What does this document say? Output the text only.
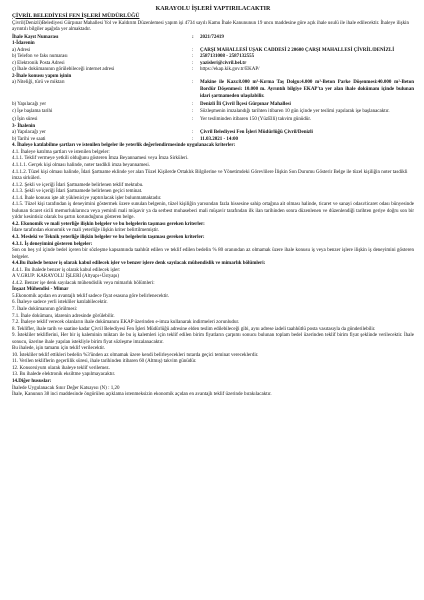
KARAYOLU İŞLERİ YAPTIRILACAKTIR

ÇİVRİL BELEDİYESİ FEN İŞLERİ MÜDÜRLÜĞÜ

Çivril(Denizli)Belediyesi Gürpınar Mahallesi Yol ve Kaldırım Düzenlemesi yapım işi 4734 sayılı Kamu İhale Kanununun 19 uncu maddesine göre açık ihale usulü ile ihale edilecektir. İhaleye ilişkin ayrıntılı bilgiler aşağıda yer almaktadır.

İhale Kayıt Numarası	:	2021/72419

1-İdarenin

a) Adresi	:	ÇARŞI MAHALLESİ UŞAK CADDESİ 2 20600 ÇARŞI MAHALLESİ ÇİVRİL/DENİZLİ
b) Telefon ve faks numarası	:	2587131008 - 2587132555
c) Elektronik Posta Adresi	:	yazisleri@civril.bel.tr
ç) İhale dokümanının görülebileceği internet adresi	:	https://ekap.kik.gov.tr/EKAP/

2-İhale konusu yapım işinin

a) Niteliği, türü ve miktarı	:	Makine ile Kazı:8.000 m³-Kırma Taş Dolgu:4.000 m³-Beton Parke Döşenmesi:40.000 m²-Beton Bordür Döşenmesi: 10.000 m. Ayrıntılı bilgiye EKAP'ta yer alan ihale dokümanı içinde bulunan idari şartnameden ulaşılabilir.
b) Yapılacağı yer	:	Denizli İli Çivril İlçesi Gürpınar Mahallesi
c) İşe başlama tarihi	:	Sözleşmenin imzalandığı tarihten itibaren 10 gün içinde yer teslimi yapılarak işe başlanacaktır.
ç) İşin süresi	:	Yer tesliminden itibaren 150 (YüzElli) takvim günüdür.

3- İhalenin

a) Yapılacağı yer	:	Çivril Belediyesi Fen İşleri Müdürlüğü Çivril/Denizli
b) Tarihi ve saati	:	11.03.2021 - 14:00

4. İhaleye katılabilme şartları ve istenilen belgeler ile yeterlik değerlendirmesinde uygulanacak kriterler:

4.1. İhaleye katılma şartları ve istenilen belgeler:

4.1.1. Teklif vermeye yetkili olduğunu gösteren İmza Beyannamesi veya İmza Sirküleri.

4.1.1.1. Gerçek kişi olması halinde, noter tasdikli imza beyannamesi.

4.1.1.2. Tüzel kişi olması halinde, İdari Şartname eklinde yer alan Tüzel Kişilerde Ortaklık Bilgilerine ve Yönetimdeki Görevlilere İlişkin Son Durumu Gösterir Belge ile tüzel kişiliğin noter tasdikli imza sirküleri.

4.1.2. Şekli ve içeriği İdari Şartnamede belirlenen teklif mektubu.

4.1.3. Şekli ve içeriği İdari Şartnamede belirlenen geçici teminat.

4.1.4. İhale konusu işte alt yükleniciye yaptırılacak işler bulunmamaktadır.

4.1.5. Tüzel kişi tarafından iş deneyimini göstermek üzere sunulan belgenin, tüzel kişiliğin yarısından fazla hissesine sahip ortağına ait olması halinde, ticaret ve sanayi odası/ticaret odası bünyesinde bulunan ticaret sicili memurluklarınca veya yeminli mali müşavir ya da serbest muhasebeci mali müşavir tarafından ilk ilan tarihinden sonra düzenlenen ve düzenlendiği tarihten geriye doğru son bir yıldır kesintisiz olarak bu şartın korunduğunu gösteren belge.

4.2. Ekonomik ve mali yeterliğe ilişkin belgeler ve bu belgelerin taşıması gereken kriterler:

İdare tarafından ekonomik ve mali yeterliğe ilişkin kriter belirtilmemiştir.

4.3. Mesleki ve Teknik yeterliğe ilişkin belgeler ve bu belgelerin taşıması gereken kriterler:

4.3.1. İş deneyimini gösteren belgeler:

Son on beş yıl içinde bedel içeren bir sözleşme kapsamında taahhüt edilen ve teklif edilen bedelin % 80 oranından az olmamak üzere ihale konusu iş veya benzer işlere ilişkin iş deneyimini gösteren belgeler.

4.4.Bu ihalede benzer iş olarak kabul edilecek işler ve benzer işlere denk sayılacak mühendislik ve mimarlık bölümleri:

4.4.1. Bu ihalede benzer iş olarak kabul edilecek işler:

A V.GRUP: KARAYOLU İŞLERİ (Altyapı+Üstyapı)

4.4.2. Benzer işe denk sayılacak mühendislik veya mimarlık bölümleri:

İnşaat Mühendisi - Mimar

5.Ekonomik açıdan en avantajlı teklif sadece fiyat esasına göre belirlenecektir.

6. İhaleye sadece yerli istekliler katılabilecektir.

7. İhale dokümanının görülmesi:

7.1. İhale dokümanı, idarenin adresinde görülebilir.

7.2. İhaleye teklif verecek olanların ihale dokümanını EKAP üzerinden e-imza kullanarak indirmeleri zorunludur.

8. Teklifler, ihale tarih ve saatine kadar Çivril Belediyesi Fen İşleri Müdürlüğü adresine elden teslim edilebileceği gibi, aynı adrese iadeli taahhütlü posta vasıtasıyla da gönderilebilir.

9. İstekliler tekliflerini, Her bir iş kaleminin miktarı ile bu iş kalemleri için teklif edilen birim fiyatların çarpımı sonucu bulunan toplam bedel üzerinden teklif birim fiyat şeklinde verilecektir. İhale sonucu, üzerine ihale yapılan istekliyle birim fiyat sözleşme imzalanacaktır.

Bu ihalede, işin tamamı için teklif verilecektir.

10. İstekliler teklif ettikleri bedelin %3'ünden az olmamak üzere kendi belirleyecekleri tutarda geçici teminat vereceklerdir.

11. Verilen tekliflerin geçerlilik süresi, ihale tarihinden itibaren 60 (Altmış) takvim günüdür.

12. Konsorsiyum olarak ihaleye teklif verilemez.

13. Bu ihalede elektronik eksiltme yapılmayacaktır.

14.Diğer hususlar:

İhalede Uygulanacak Sınır Değer Katsayısı (N) : 1,20

İhale, Kanunun 38 inci maddesinde öngörülen açıklama istenmeksizin ekonomik açıdan en avantajlı teklif üzerinde bırakılacaktır.
